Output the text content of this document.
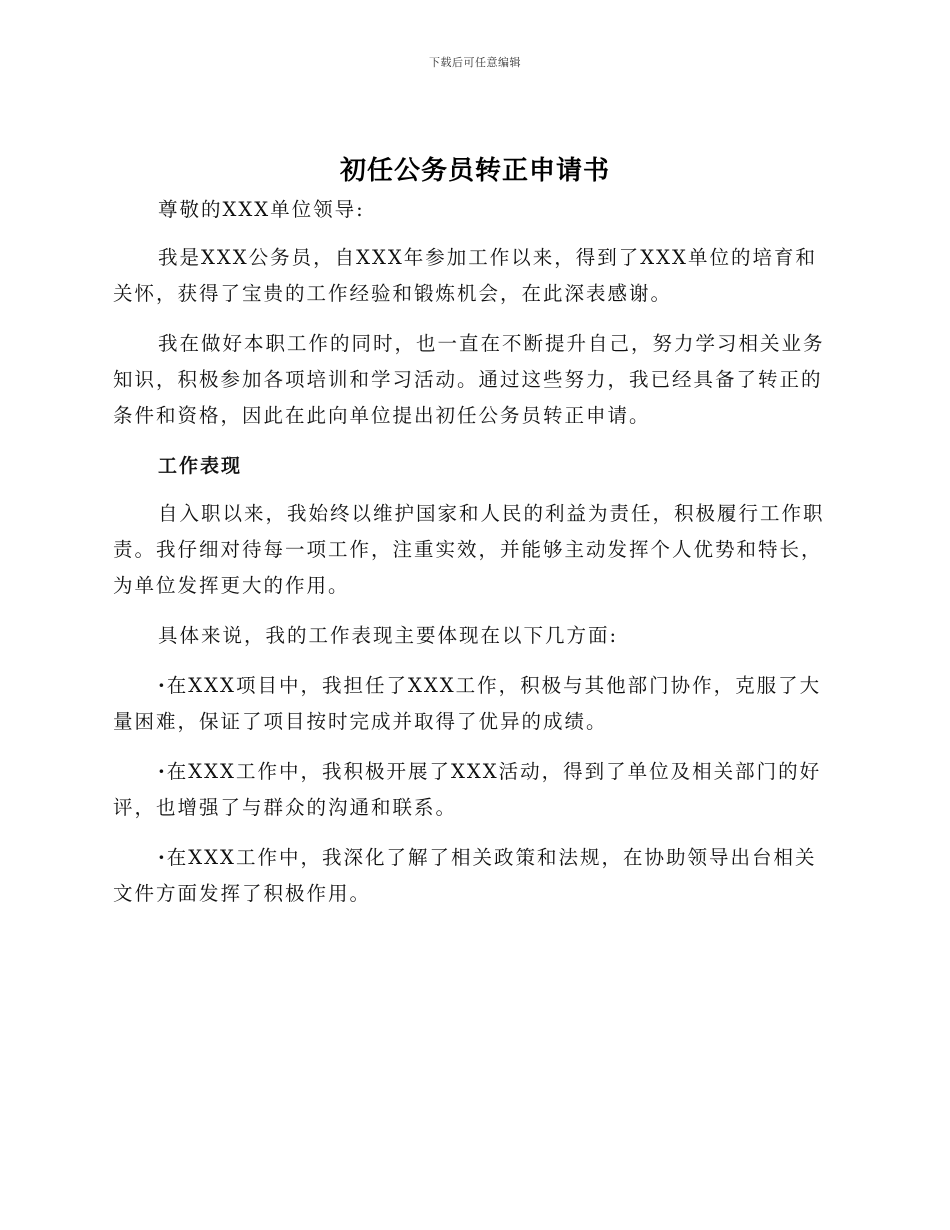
下载后可任意编辑
初任公务员转正申请书

尊敬的XXX单位领导:

我是XXX公务员，自XXX年参加工作以来，得到了XXX单位的培育和关怀，获得了宝贵的工作经验和锻炼机会，在此深表感谢。

我在做好本职工作的同时，也一直在不断提升自己，努力学习相关业务知识，积极参加各项培训和学习活动。通过这些努力，我已经具备了转正的条件和资格，因此在此向单位提出初任公务员转正申请。

工作表现

自入职以来，我始终以维护国家和人民的利益为责任，积极履行工作职责。我仔细对待每一项工作，注重实效，并能够主动发挥个人优势和特长，为单位发挥更大的作用。

具体来说，我的工作表现主要体现在以下几方面:

·在XXX项目中，我担任了XXX工作，积极与其他部门协作，克服了大量困难，保证了项目按时完成并取得了优异的成绩。

·在XXX工作中，我积极开展了XXX活动，得到了单位及相关部门的好评，也增强了与群众的沟通和联系。

·在XXX工作中，我深化了解了相关政策和法规，在协助领导出台相关文件方面发挥了积极作用。
